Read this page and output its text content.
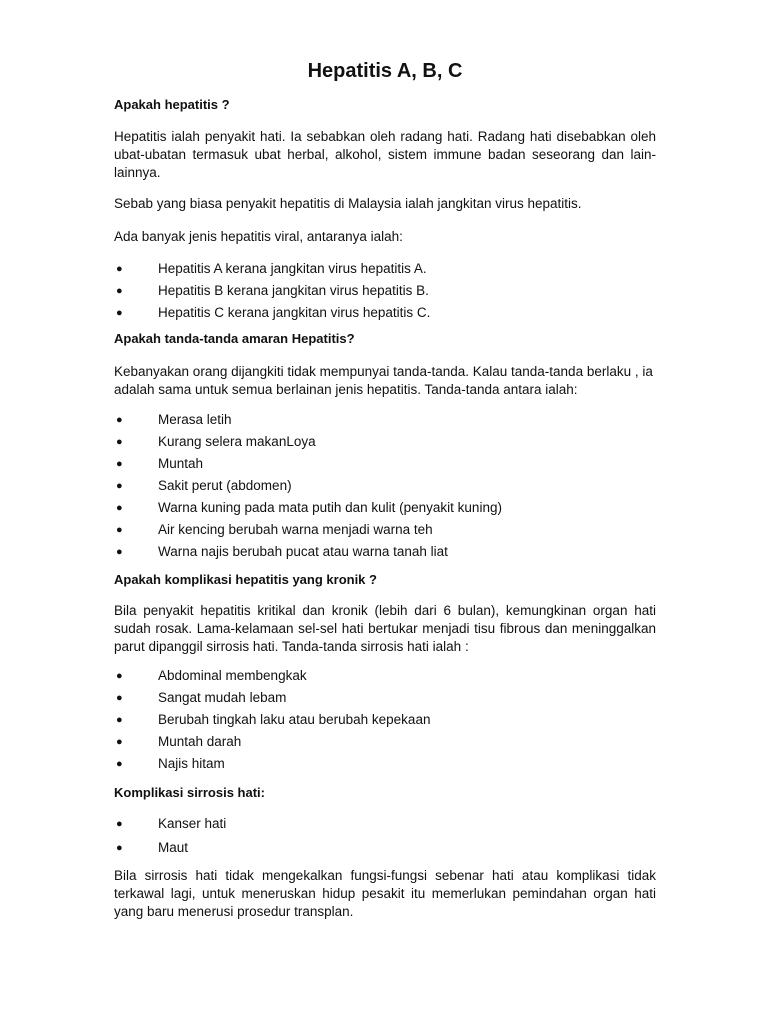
Hepatitis A, B, C
Apakah hepatitis ?

Hepatitis ialah penyakit hati. Ia sebabkan oleh radang hati. Radang hati disebabkan oleh ubat-ubatan termasuk ubat herbal, alkohol, sistem immune badan seseorang dan lain-lainnya.

Sebab yang biasa penyakit hepatitis di Malaysia ialah jangkitan virus hepatitis.

Ada banyak jenis hepatitis viral, antaranya ialah:

●	Hepatitis A kerana jangkitan virus hepatitis A.
●	Hepatitis B kerana jangkitan virus hepatitis B.
●	Hepatitis C kerana jangkitan virus hepatitis C.
Apakah tanda-tanda amaran Hepatitis?

Kebanyakan orang dijangkiti tidak mempunyai tanda-tanda. Kalau tanda-tanda berlaku , ia adalah sama untuk semua berlainan jenis hepatitis. Tanda-tanda antara ialah:

●	Merasa letih
●	Kurang selera makanLoya
●	Muntah
●	Sakit perut (abdomen)
●	Warna kuning pada mata putih dan kulit (penyakit kuning)
●	Air kencing berubah warna menjadi warna teh
●	Warna najis berubah pucat atau warna tanah liat
Apakah komplikasi hepatitis yang kronik ?

Bila penyakit hepatitis kritikal dan kronik (lebih dari 6 bulan), kemungkinan organ hati sudah rosak. Lama-kelamaan sel-sel hati bertukar menjadi tisu fibrous dan meninggalkan parut dipanggil sirrosis hati. Tanda-tanda sirrosis hati ialah :

●	Abdominal membengkak
●	Sangat mudah lebam
●	Berubah tingkah laku atau berubah kepekaan
●	Muntah darah
●	Najis hitam
Komplikasi sirrosis hati:
●	Kanser hati
●	Maut

Bila sirrosis hati tidak mengekalkan fungsi-fungsi sebenar hati atau komplikasi tidak terkawal lagi, untuk meneruskan hidup pesakit itu memerlukan pemindahan organ hati yang baru menerusi prosedur transplan.
